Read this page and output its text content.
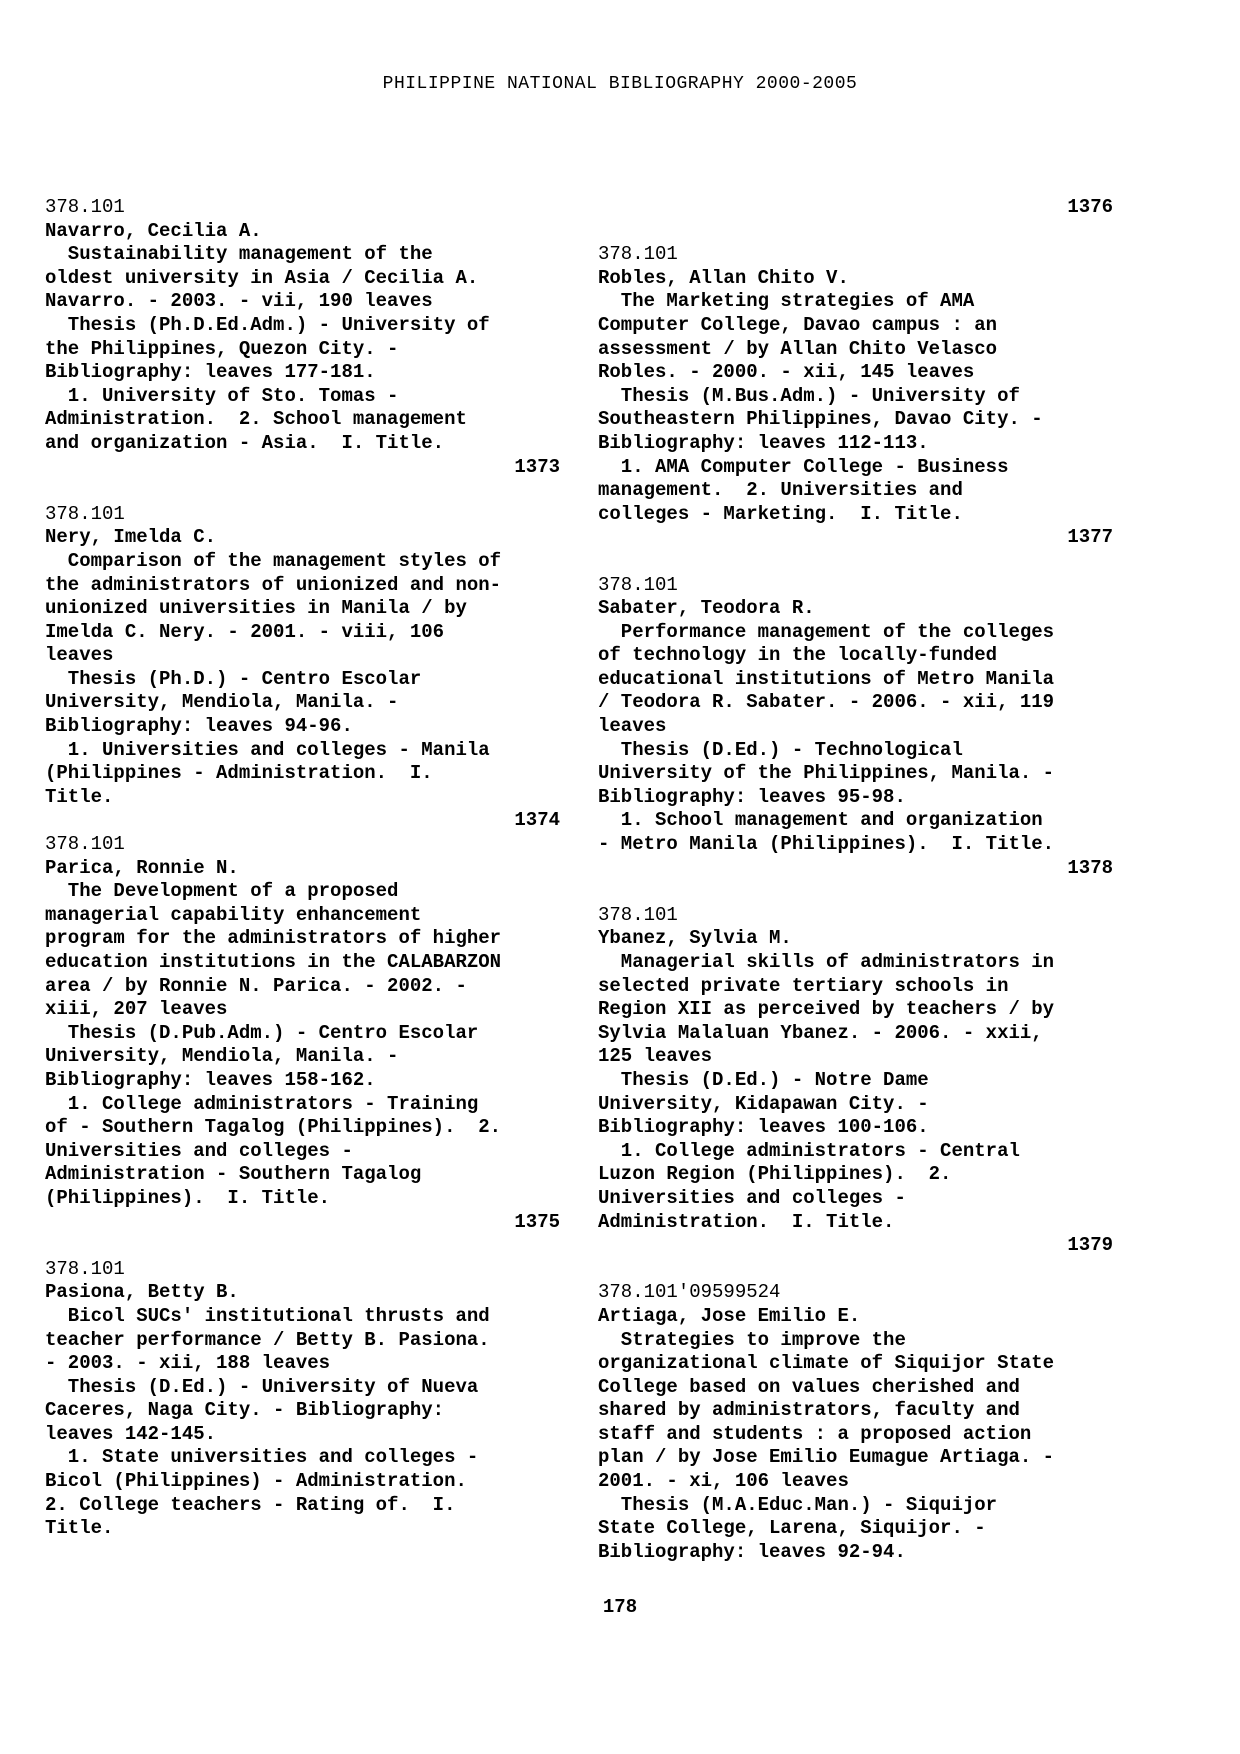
PHILIPPINE NATIONAL BIBLIOGRAPHY 2000-2005
378.101
Navarro, Cecilia A.
Sustainability management of the
oldest university in Asia / Cecilia A.
Navarro. - 2003. - vii, 190 leaves
Thesis (Ph.D.Ed.Adm.) - University of
the Philippines, Quezon City. -
Bibliography: leaves 177-181.
1. University of Sto. Tomas -
Administration.  2. School management
and organization - Asia.  I. Title.
1373
378.101
Nery, Imelda C.
Comparison of the management styles of
the administrators of unionized and non-
unionized universities in Manila / by
Imelda C. Nery. - 2001. - viii, 106
leaves
Thesis (Ph.D.) - Centro Escolar
University, Mendiola, Manila. -
Bibliography: leaves 94-96.
1. Universities and colleges - Manila
(Philippines - Administration.  I.
Title.
1374
378.101
Parica, Ronnie N.
The Development of a proposed
managerial capability enhancement
program for the administrators of higher
education institutions in the CALABARZON
area / by Ronnie N. Parica. - 2002. -
xiii, 207 leaves
Thesis (D.Pub.Adm.) - Centro Escolar
University, Mendiola, Manila. -
Bibliography: leaves 158-162.
1. College administrators - Training
of - Southern Tagalog (Philippines).  2.
Universities and colleges -
Administration - Southern Tagalog
(Philippines).  I. Title.
1375
378.101
Pasiona, Betty B.
Bicol SUCs' institutional thrusts and
teacher performance / Betty B. Pasiona.
- 2003. - xii, 188 leaves
Thesis (D.Ed.) - University of Nueva
Caceres, Naga City. - Bibliography:
leaves 142-145.
1. State universities and colleges -
Bicol (Philippines) - Administration.
2. College teachers - Rating of.  I.
Title.
1376
378.101
Robles, Allan Chito V.
The Marketing strategies of AMA
Computer College, Davao campus : an
assessment / by Allan Chito Velasco
Robles. - 2000. - xii, 145 leaves
Thesis (M.Bus.Adm.) - University of
Southeastern Philippines, Davao City. -
Bibliography: leaves 112-113.
1. AMA Computer College - Business
management.  2. Universities and
colleges - Marketing.  I. Title.
1377
378.101
Sabater, Teodora R.
Performance management of the colleges
of technology in the locally-funded
educational institutions of Metro Manila
/ Teodora R. Sabater. - 2006. - xii, 119
leaves
Thesis (D.Ed.) - Technological
University of the Philippines, Manila. -
Bibliography: leaves 95-98.
1. School management and organization
- Metro Manila (Philippines).  I. Title.
1378
378.101
Ybanez, Sylvia M.
Managerial skills of administrators in
selected private tertiary schools in
Region XII as perceived by teachers / by
Sylvia Malaluan Ybanez. - 2006. - xxii,
125 leaves
Thesis (D.Ed.) - Notre Dame
University, Kidapawan City. -
Bibliography: leaves 100-106.
1. College administrators - Central
Luzon Region (Philippines).  2.
Universities and colleges -
Administration.  I. Title.
1379
378.101'09599524
Artiaga, Jose Emilio E.
Strategies to improve the
organizational climate of Siquijor State
College based on values cherished and
shared by administrators, faculty and
staff and students : a proposed action
plan / by Jose Emilio Eumague Artiaga. -
2001. - xi, 106 leaves
Thesis (M.A.Educ.Man.) - Siquijor
State College, Larena, Siquijor. -
Bibliography: leaves 92-94.
178
